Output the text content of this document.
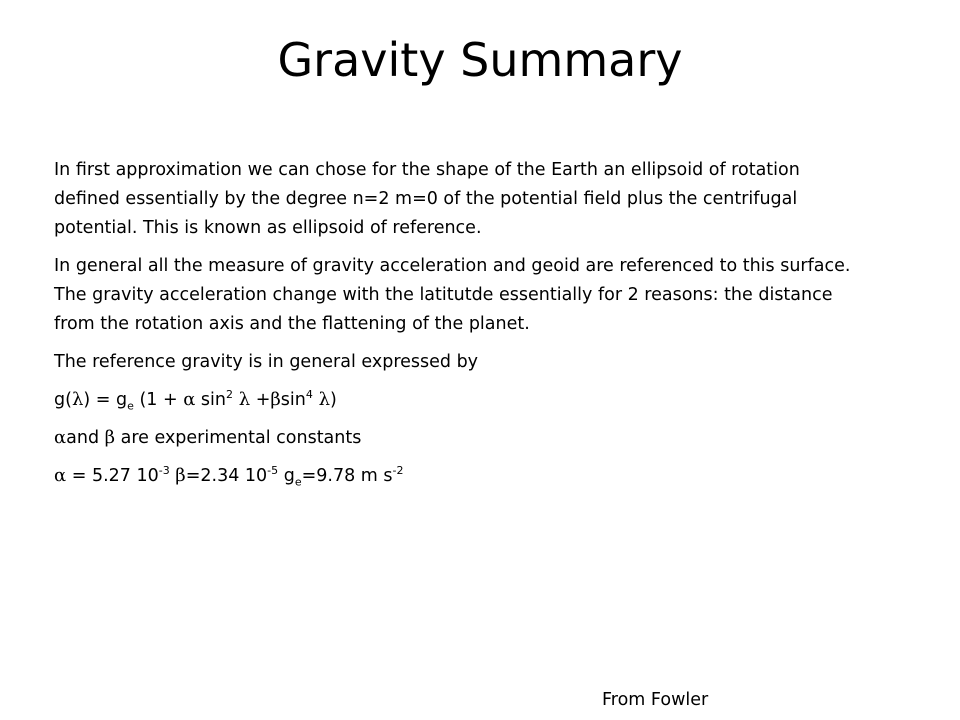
Gravity Summary

In first approximation we can chose for the shape of the Earth an ellipsoid of rotation
defined essentially by the degree n=2 m=0 of the potential field plus the centrifugal
potential. This is known as ellipsoid of reference.

In general all the measure of gravity acceleration and geoid are referenced to this surface.
The gravity acceleration change with the latitutde essentially for 2 reasons: the distance
from the rotation axis and the flattening of the planet.

The reference gravity is in general expressed by

$g(\lambda) = g_e$ (1 + α $\sin^2 \lambda +\beta\sin^4$ λ)

αand β are experimental constants

α = 5.27 $10^{-3}$ β=2.34 $10^{-5}$ $g_e=9.78$ m $s^{-2}$

From Fowler
